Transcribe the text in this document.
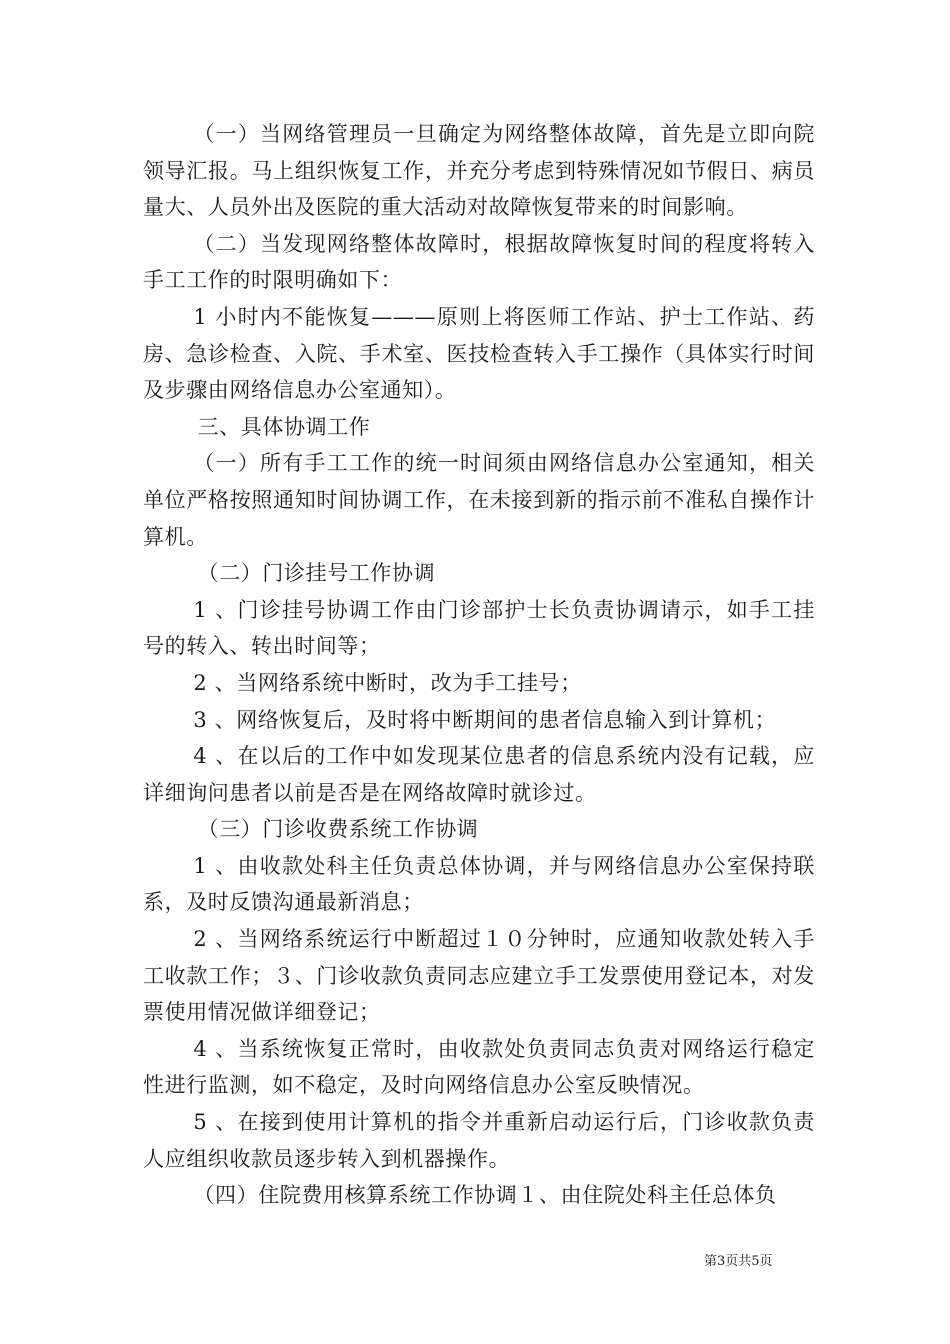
（一）当网络管理员一旦确定为网络整体故障，首先是立即向院领导汇报。马上组织恢复工作，并充分考虑到特殊情况如节假日、病员量大、人员外出及医院的重大活动对故障恢复带来的时间影响。

（二）当发现网络整体故障时，根据故障恢复时间的程度将转入手工工作的时限明确如下：

1 小时内不能恢复———原则上将医师工作站、护士工作站、药房、急诊检查、入院、手术室、医技检查转入手工操作（具体实行时间及步骤由网络信息办公室通知）。

三、具体协调工作

（一）所有手工工作的统一时间须由网络信息办公室通知，相关单位严格按照通知时间协调工作，在未接到新的指示前不准私自操作计算机。

（二）门诊挂号工作协调

1 、门诊挂号协调工作由门诊部护士长负责协调请示，如手工挂号的转入、转出时间等；

2 、当网络系统中断时，改为手工挂号；

3 、网络恢复后，及时将中断期间的患者信息输入到计算机；

4 、在以后的工作中如发现某位患者的信息系统内没有记载，应详细询问患者以前是否是在网络故障时就诊过。

（三）门诊收费系统工作协调

1 、由收款处科主任负责总体协调，并与网络信息办公室保持联系，及时反馈沟通最新消息；

2 、当网络系统运行中断超过１０分钟时，应通知收款处转入手工收款工作；３、门诊收款负责同志应建立手工发票使用登记本，对发票使用情况做详细登记；

4 、当系统恢复正常时，由收款处负责同志负责对网络运行稳定性进行监测，如不稳定，及时向网络信息办公室反映情况。

5 、在接到使用计算机的指令并重新启动运行后，门诊收款负责人应组织收款员逐步转入到机器操作。

（四）住院费用核算系统工作协调１、由住院处科主任总体负

第3页共5页
